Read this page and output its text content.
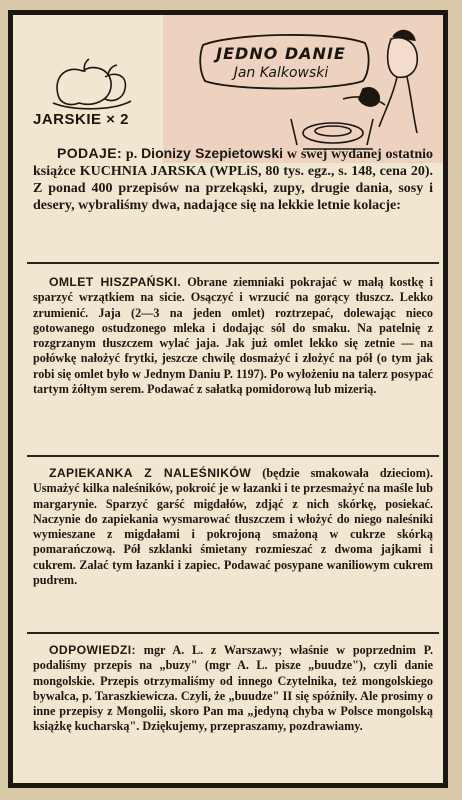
JEDNO DANIE
Jan Kalkowski
JARSKIE × 2
PODAJE: p. Dionizy Szepietowski w swej wydanej ostatnio książce KUCHNIA JARSKA (WPLiS, 80 tys. egz., s. 148, cena 20). Z ponad 400 przepisów na przekąski, zupy, drugie dania, sosy i desery, wybraliśmy dwa, nadające się na lekkie letnie kolacje:
OMLET HISZPAŃSKI. Obrane ziemniaki pokrajać w małą kostkę i sparzyć wrzątkiem na sicie. Osączyć i wrzucić na gorący tłuszcz. Lekko zrumienić. Jaja (2—3 na jeden omlet) roztrzepać, dolewając nieco gotowanego ostudzonego mleka i dodając sól do smaku. Na patelnię z rozgrzanym tłuszczem wylać jaja. Jak już omlet lekko się zetnie — na połówkę nałożyć frytki, jeszcze chwilę dosmażyć i złożyć na pół (o tym jak robi się omlet było w Jednym Daniu P. 1197). Po wyłożeniu na talerz posypać tartym żółtym serem. Podawać z sałatką pomidorową lub mizerią.
ZAPIEKANKA Z NALEŚNIKÓW (będzie smakowała dzieciom). Usmażyć kilka naleśników, pokroić je w łazanki i te przesmażyć na maśle lub margarynie. Sparzyć garść migdałów, zdjąć z nich skórkę, posiekać. Naczynie do zapiekania wysmarować tłuszczem i włożyć do niego naleśniki wymieszane z migdałami i pokrojoną smażoną w cukrze skórką pomarańczową. Pół szklanki śmietany rozmieszać z dwoma jajkami i cukrem. Zalać tym łazanki i zapiec. Podawać posypane waniliowym cukrem pudrem.
ODPOWIEDZI: mgr A. L. z Warszawy; właśnie w poprzednim P. podaliśmy przepis na „buzy" (mgr A. L. pisze „buudze"), czyli danie mongolskie. Przepis otrzymaliśmy od innego Czytelnika, też mongolskiego bywalca, p. Taraszkiewicza. Czyli, że „buudze" II się spóźniły. Ale prosimy o inne przepisy z Mongolii, skoro Pan ma „jedyną chyba w Polsce mongolską książkę kucharską". Dziękujemy, przepraszamy, pozdrawiamy.
